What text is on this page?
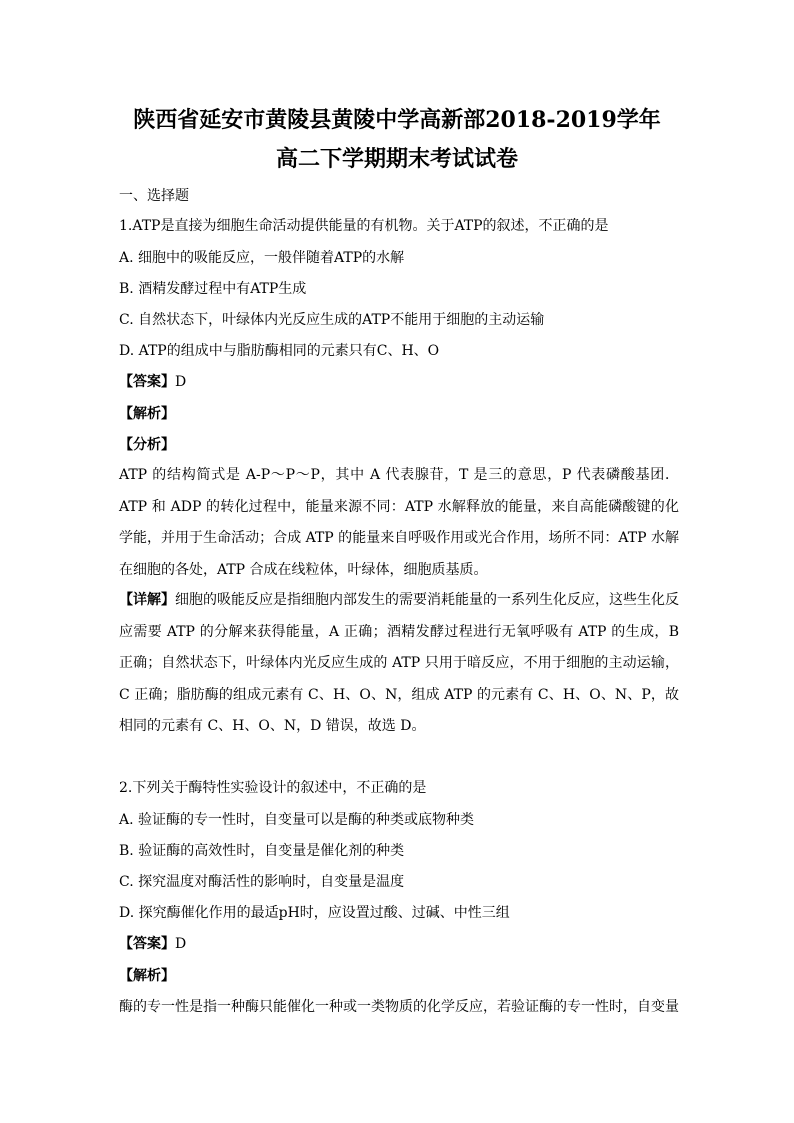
陕西省延安市黄陵县黄陵中学高新部2018-2019学年
高二下学期期末考试试卷
一、选择题
1.ATP是直接为细胞生命活动提供能量的有机物。关于ATP的叙述，不正确的是
A. 细胞中的吸能反应，一般伴随着ATP的水解
B. 酒精发酵过程中有ATP生成
C. 自然状态下，叶绿体内光反应生成的ATP不能用于细胞的主动运输
D. ATP的组成中与脂肪酶相同的元素只有C、H、O
【答案】D
【解析】
【分析】
ATP 的结构简式是 A-P～P～P，其中 A 代表腺苷，T 是三的意思，P 代表磷酸基团．ATP 和 ADP 的转化过程中，能量来源不同：ATP 水解释放的能量，来自高能磷酸键的化学能，并用于生命活动；合成 ATP 的能量来自呼吸作用或光合作用，场所不同：ATP 水解在细胞的各处，ATP 合成在线粒体，叶绿体，细胞质基质。
【详解】细胞的吸能反应是指细胞内部发生的需要消耗能量的一系列生化反应，这些生化反应需要 ATP 的分解来获得能量，A 正确；酒精发酵过程进行无氧呼吸有 ATP 的生成，B 正确；自然状态下，叶绿体内光反应生成的 ATP 只用于暗反应，不用于细胞的主动运输，C 正确；脂肪酶的组成元素有 C、H、O、N，组成 ATP 的元素有 C、H、O、N、P，故相同的元素有 C、H、O、N，D 错误，故选 D。
2.下列关于酶特性实验设计的叙述中，不正确的是
A. 验证酶的专一性时，自变量可以是酶的种类或底物种类
B. 验证酶的高效性时，自变量是催化剂的种类
C. 探究温度对酶活性的影响时，自变量是温度
D. 探究酶催化作用的最适pH时，应设置过酸、过碱、中性三组
【答案】D
【解析】
酶的专一性是指一种酶只能催化一种或一类物质的化学反应，若验证酶的专一性时，自变量
